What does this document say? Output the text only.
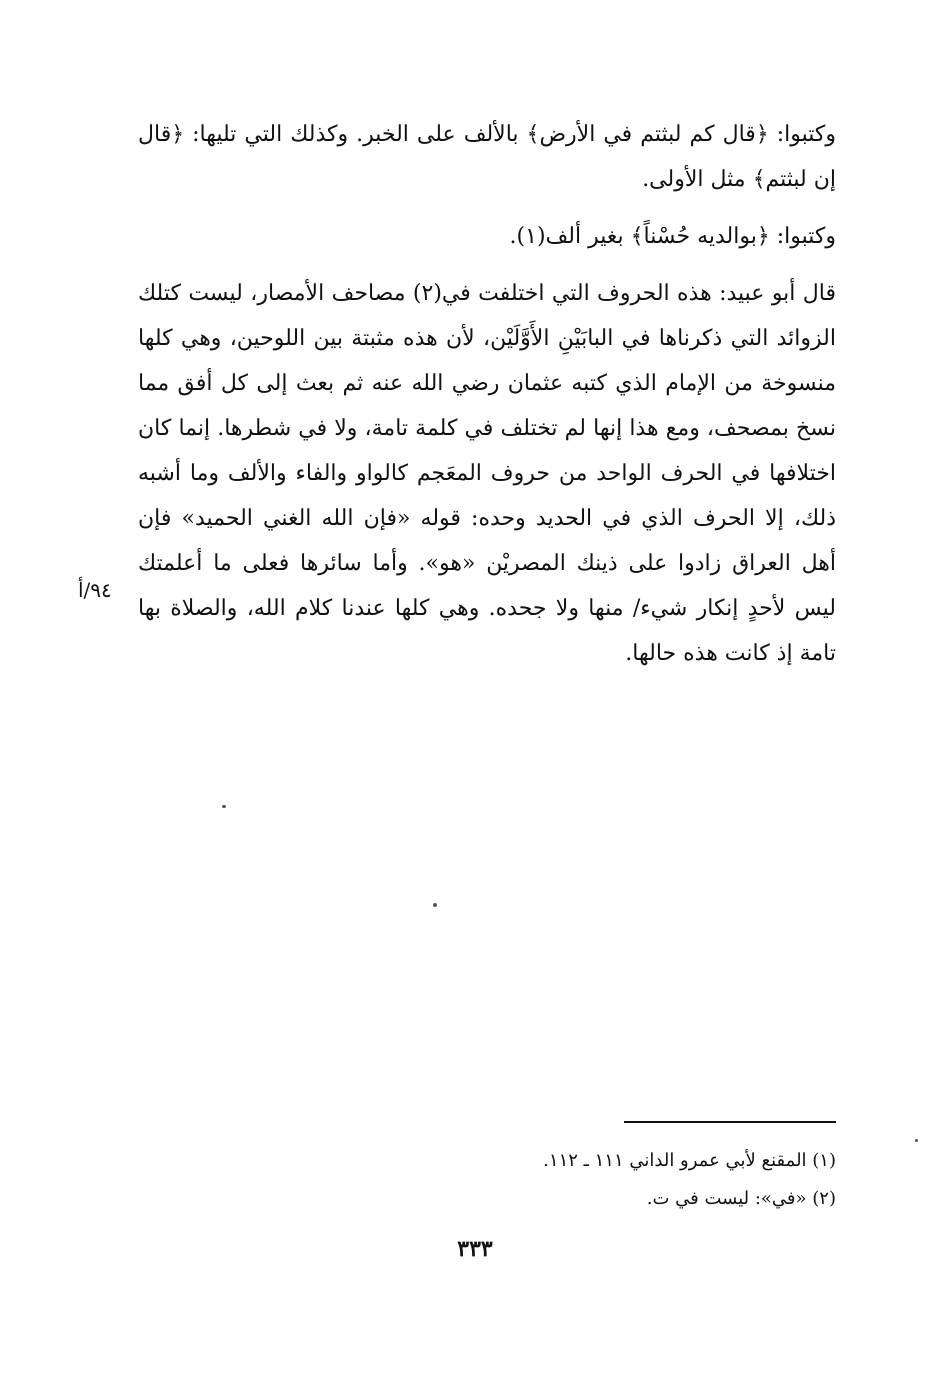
وكتبوا: ﴿قال كم لبثتم في الأرض﴾ بالألف على الخبر. وكذلك التي تليها: ﴿قال إن لبثتم﴾ مثل الأولى.

وكتبوا: ﴿بوالديه حُسْناً﴾ بغير ألف(١).

قال أبو عبيد: هذه الحروف التي اختلفت في(٢) مصاحف الأمصار، ليست كتلك الزوائد التي ذكرناها في البابَيْنِ الأَوَّلَيْن، لأن هذه مثبتة بين اللوحين، وهي كلها منسوخة من الإمام الذي كتبه عثمان رضي الله عنه ثم بعث إلى كل أفق مما نسخ بمصحف، ومع هذا إنها لم تختلف في كلمة تامة، ولا في شطرها. إنما كان اختلافها في الحرف الواحد من حروف المعَجم كالواو والفاء والألف وما أشبه ذلك، إلا الحرف الذي في الحديد وحده: قوله «فإن الله الغني الحميد» فإن أهل العراق زادوا على ذينك المصريْن «هو». وأما سائرها فعلى ما أعلمتك ليس لأحدٍ إنكار شيء/ منها ولا جحده. وهي كلها عندنا كلام الله، والصلاة بها تامة إذ كانت هذه حالها.

٩٤/أ
(١) المقنع لأبي عمرو الداني ١١١ ـ ١١٢.
(٢) «في»: ليست في ت.
٣٣٣
